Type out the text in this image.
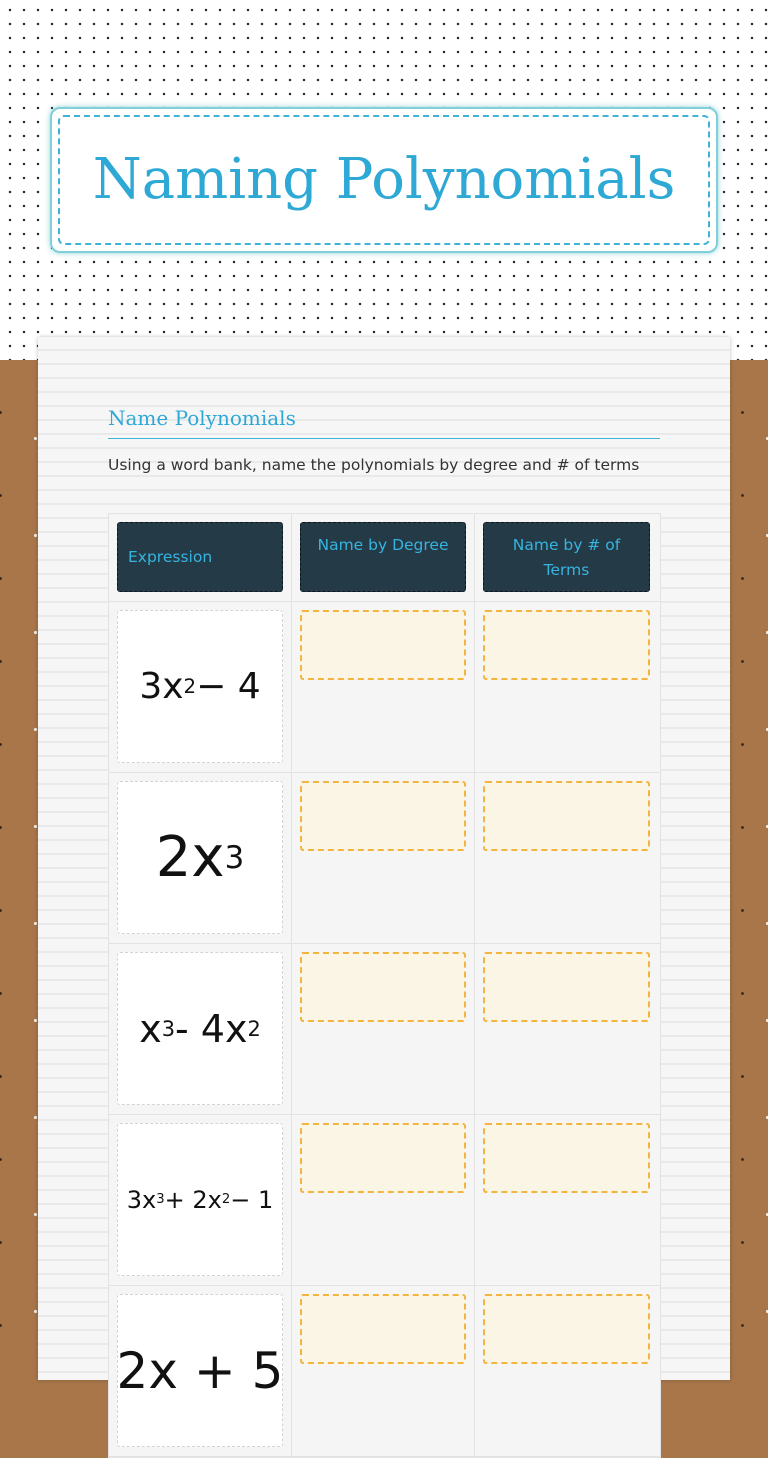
Naming Polynomials
Name Polynomials
Using a word bank, name the polynomials by degree and # of terms
Expression
Name by Degree	Name by # of Terms
3x 2 − 4
2x 3
x 3 - 4x 2
3x 3 + 2x 2 − 1
2x + 5
